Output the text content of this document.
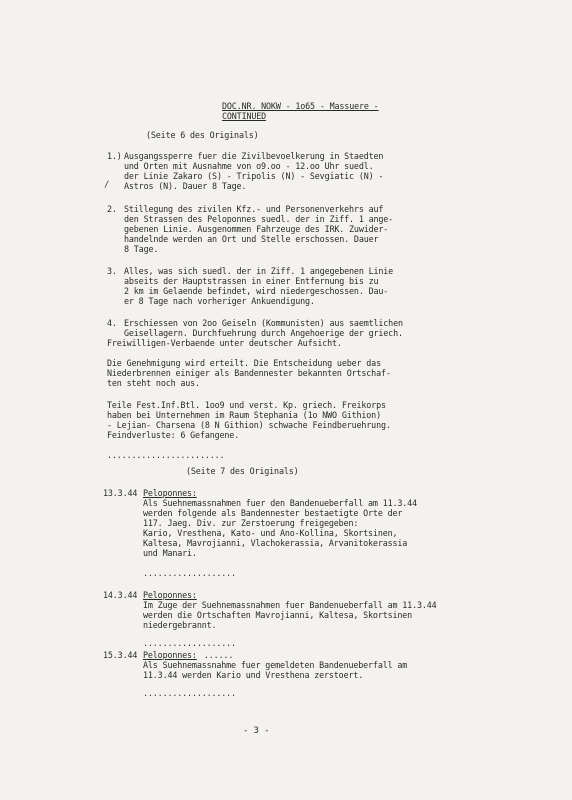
DOC.NR. NOKW - 1o65 - Massuere -
CONTINUED
(Seite 6 des Originals)
1.) Ausgangssperre fuer die Zivilbevoelkerung in Staedten
und Orten mit Ausnahme von o9.oo - 12.oo Uhr suedl.
der Linie Zakaro (S) - Tripolis (N) - Sevgiatic (N) -
Astros (N). Dauer 8 Tage.
/
2. Stillegung des zivilen Kfz.- und Personenverkehrs auf
den Strassen des Peloponnes suedl. der in Ziff. 1 ange-
gebenen Linie. Ausgenommen Fahrzeuge des IRK. Zuwider-
handelnde werden an Ort und Stelle erschossen. Dauer
8 Tage.
3. Alles, was sich suedl. der in Ziff. 1 angegebenen Linie
abseits der Hauptstrassen in einer Entfernung bis zu
2 km im Gelaende befindet, wird niedergeschossen. Dau-
er 8 Tage nach vorheriger Ankuendigung.
4. Erschiessen von 2oo Geiseln (Kommunisten) aus saemtlichen
Geisellagern. Durchfuehrung durch Angehoerige der griech.
Freiwilligen-Verbaende unter deutscher Aufsicht.
Die Genehmigung wird erteilt. Die Entscheidung ueber das
Niederbrennen einiger als Bandennester bekannten Ortschaf-
ten steht noch aus.
Teile Fest.Inf.Btl. 1oo9 und verst. Kp. griech. Freikorps
haben bei Unternehmen im Raum Stephania (1o NWO Githion)
- Lejian- Charsena (8 N Githion) schwache Feindberuehrung.
Feindverluste: 6 Gefangene.
........................
(Seite 7 des Originals)
13.3.44 Peloponnes:
Als Suehnemassnahmen fuer den Bandenueberfall am 11.3.44
werden folgende als Bandennester bestaetigte Orte der
117. Jaeg. Div. zur Zerstoerung freigegeben:
Kario, Vresthena, Kato- und Ano-Kollina, Skortsinen,
Kaltesa, Mavrojianni, Vlachokerassia, Arvanitokerassia
und Manari.
...................
14.3.44 Peloponnes:
Im Zuge der Suehnemassnahmen fuer Bandenueberfall am 11.3.44
werden die Ortschaften Mavrojianni, Kaltesa, Skortsinen
niedergebrannt.
...................
15.3.44 Peloponnes: ......
Als Suehnemassnahme fuer gemeldeten Bandenueberfall am
11.3.44 werden Kario und Vresthena zerstoert.
...................
- 3 -
